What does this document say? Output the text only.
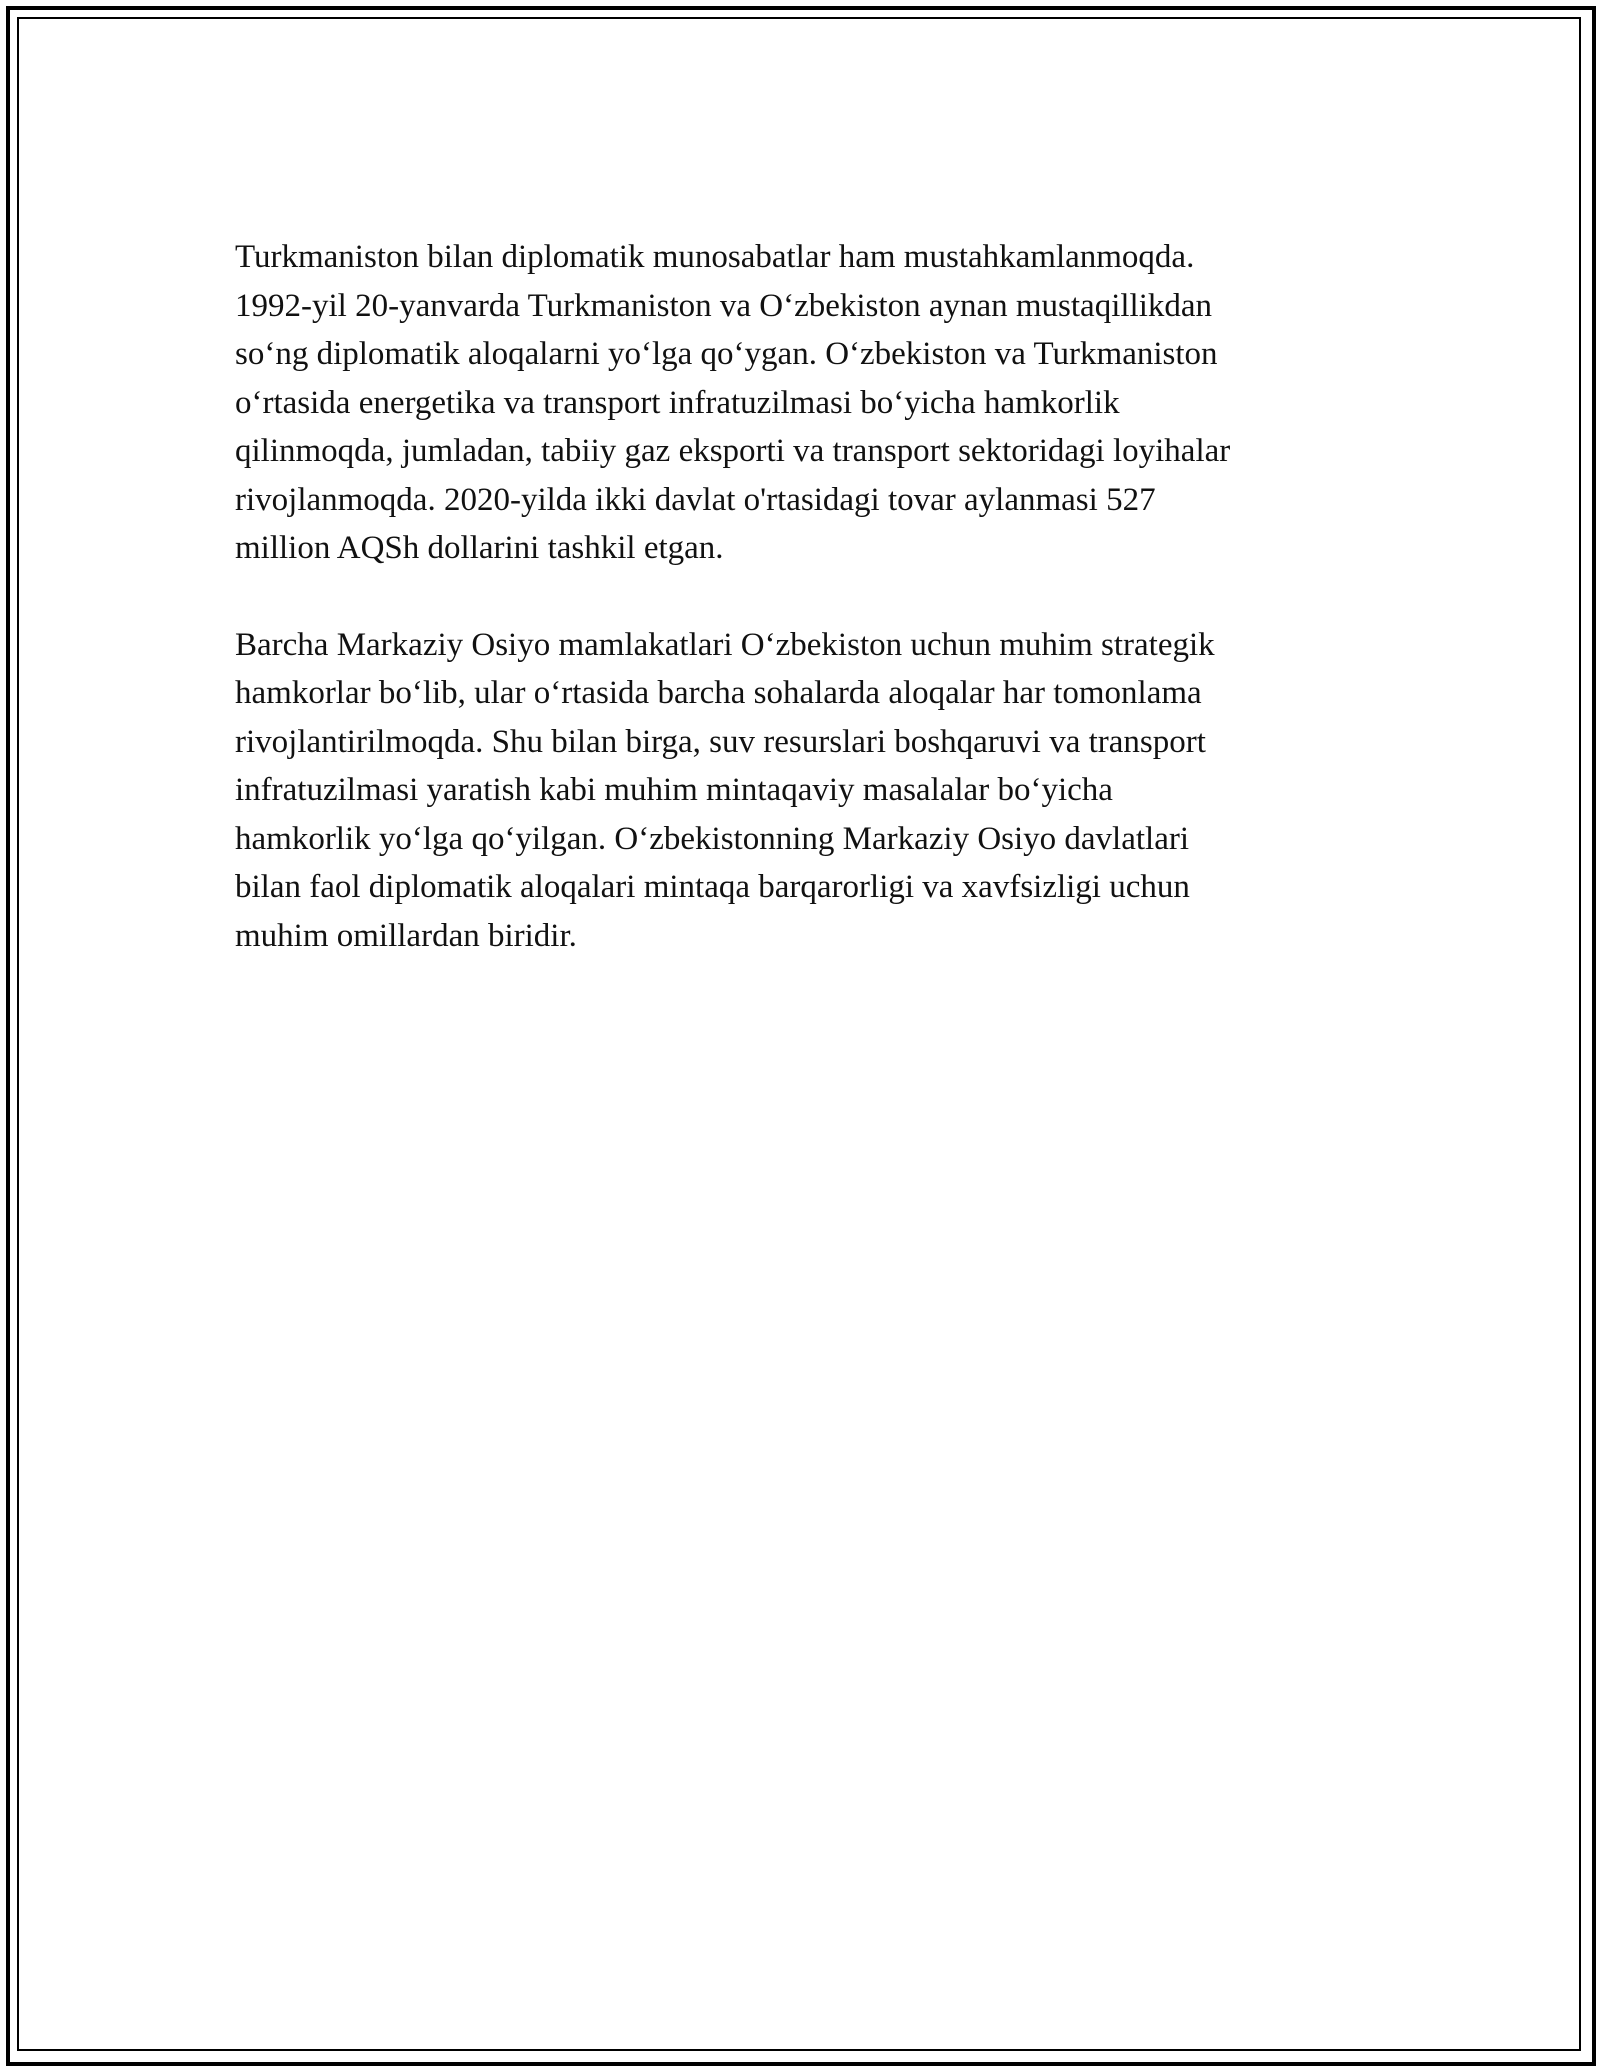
Turkmaniston bilan diplomatik munosabatlar ham mustahkamlanmoqda.
1992-yil 20-yanvarda Turkmaniston va O‘zbekiston aynan mustaqillikdan
so‘ng diplomatik aloqalarni yo‘lga qo‘ygan. O‘zbekiston va Turkmaniston
o‘rtasida energetika va transport infratuzilmasi bo‘yicha hamkorlik
qilinmoqda, jumladan, tabiiy gaz eksporti va transport sektoridagi loyihalar
rivojlanmoqda. 2020-yilda ikki davlat o'rtasidagi tovar aylanmasi 527
million AQSh dollarini tashkil etgan.

Barcha Markaziy Osiyo mamlakatlari O‘zbekiston uchun muhim strategik
hamkorlar bo‘lib, ular o‘rtasida barcha sohalarda aloqalar har tomonlama
rivojlantirilmoqda. Shu bilan birga, suv resurslari boshqaruvi va transport
infratuzilmasi yaratish kabi muhim mintaqaviy masalalar bo‘yicha
hamkorlik yo‘lga qo‘yilgan. O‘zbekistonning Markaziy Osiyo davlatlari
bilan faol diplomatik aloqalari mintaqa barqarorligi va xavfsizligi uchun
muhim omillardan biridir.
